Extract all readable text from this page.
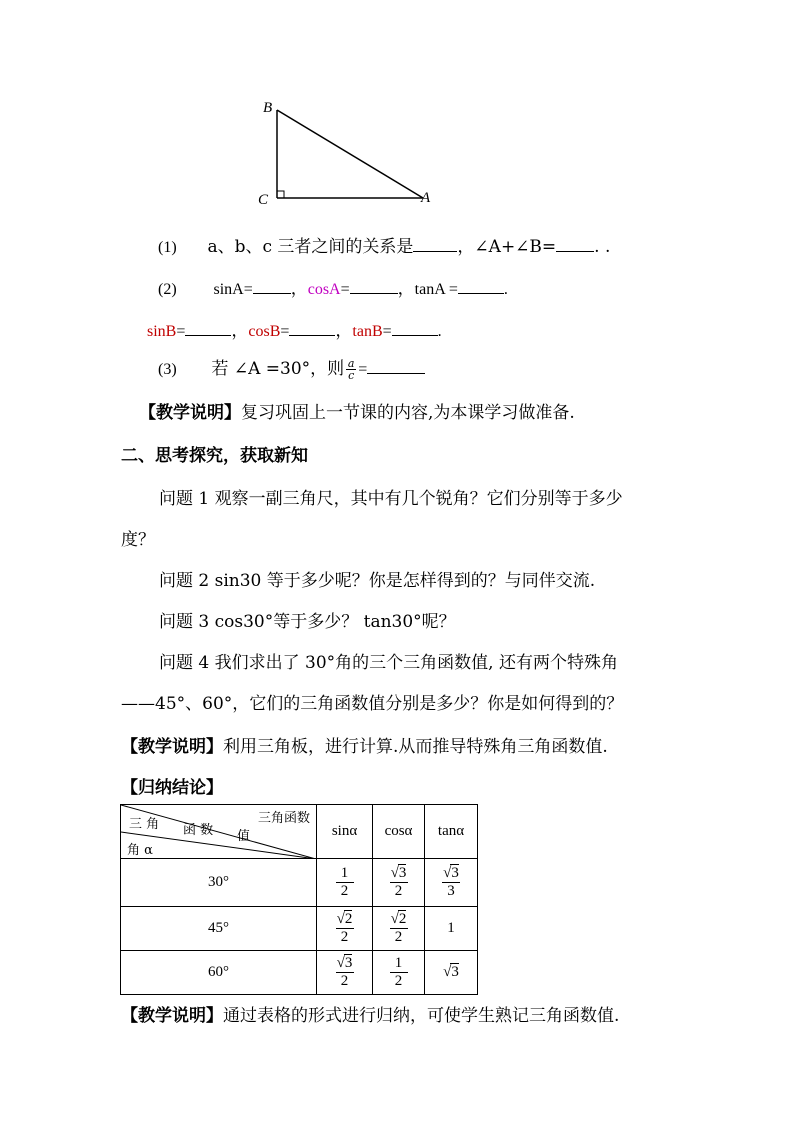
B
C	A
(1) a、b、c 三者之间的关系是	，∠A+∠B= . .
(2) sinA= ，cosA=	，tanA =	.
sinB=	，cosB=	，tanB=	.
(3) 若 ∠A =30°，则 $\frac{a}{c}$ =
【教学说明】复习巩固上一节课的内容,为本课学习做准备.
二、思考探究，获取新知
问题 1 观察一副三角尺，其中有几个锐角？它们分别等于多少
度？
问题 2 sin30 等于多少呢？你是怎样得到的？与同伴交流.
问题 3 cos30°等于多少？ tan30°呢？
问题 4 我们求出了 30°角的三个三角函数值, 还有两个特殊角
——45°、60°，它们的三角函数值分别是多少？你是如何得到的？
【教学说明】利用三角板，进行计算.从而推导特殊角三角函数值.
【归纳结论】
三角函数
三 角 函 数 值
角 α	sinα	cosα	tanα
30°	$\frac{1}{2}$	$\frac{√3}{2}$	$\frac{√3}{3}$

45°	$\frac{√2}{2}$	$\frac{√2}{2}$	1
60°	$\frac{√3}{2}$	$\frac{1}{2}$	√3
【教学说明】通过表格的形式进行归纳，可使学生熟记三角函数值.
